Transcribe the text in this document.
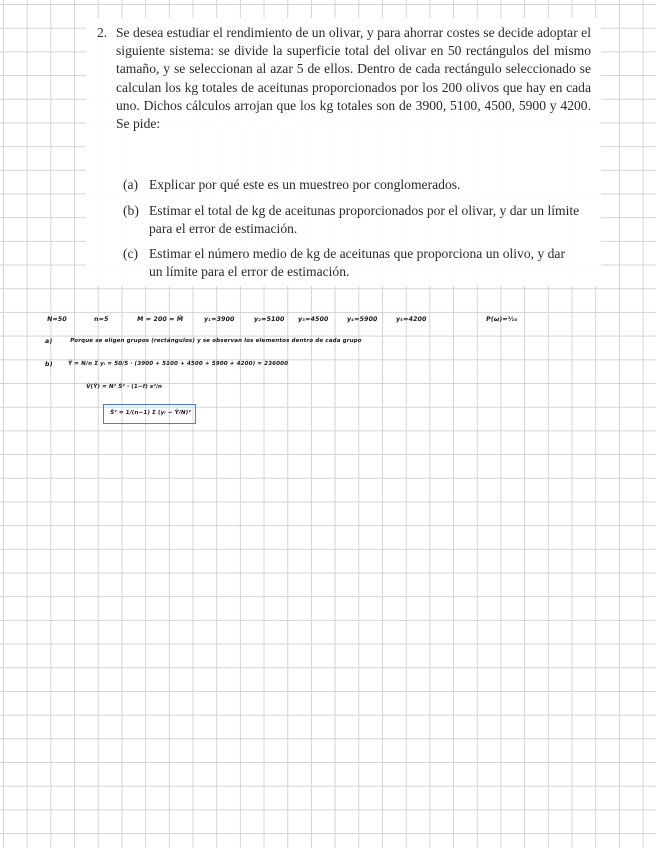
2. Se desea estudiar el rendimiento de un olivar, y para ahorrar costes se decide adoptar el siguiente sistema: se divide la superficie total del olivar en 50 rectángulos del mismo tamaño, y se seleccionan al azar 5 de ellos. Dentro de cada rectángulo seleccionado se calculan los kg totales de aceitunas proporcionados por los 200 olivos que hay en cada uno. Dichos cálculos arrojan que los kg totales son de 3900, 5100, 4500, 5900 y 4200. Se pide:
(a) Explicar por qué este es un muestreo por conglomerados.
(b) Estimar el total de kg de aceitunas proporcionados por el olivar, y dar un límite para el error de estimación.
(c) Estimar el número medio de kg de aceitunas que proporciona un olivo, y dar un límite para el error de estimación.
N=50	n=5	M = 200 = M̄	y₁=3900	y₂=5100 y₃=4500	y₄=5900	y₅=4200	P(ω)=⅟₁₀
a)	Porque se eligen grupos (rectángulos) y se observan los elementos dentro de cada grupo
b)	Ŷ = N/n Σ yᵢ = 50/5 · (3900 + 5100 + 4500 + 5900 + 4200) = 236000
V̂(Ŷ) = N² Ŝ² · (1−f) s²/n
Ŝ² = 1/(n−1) Σ (yᵢ − Ŷ/N)²
